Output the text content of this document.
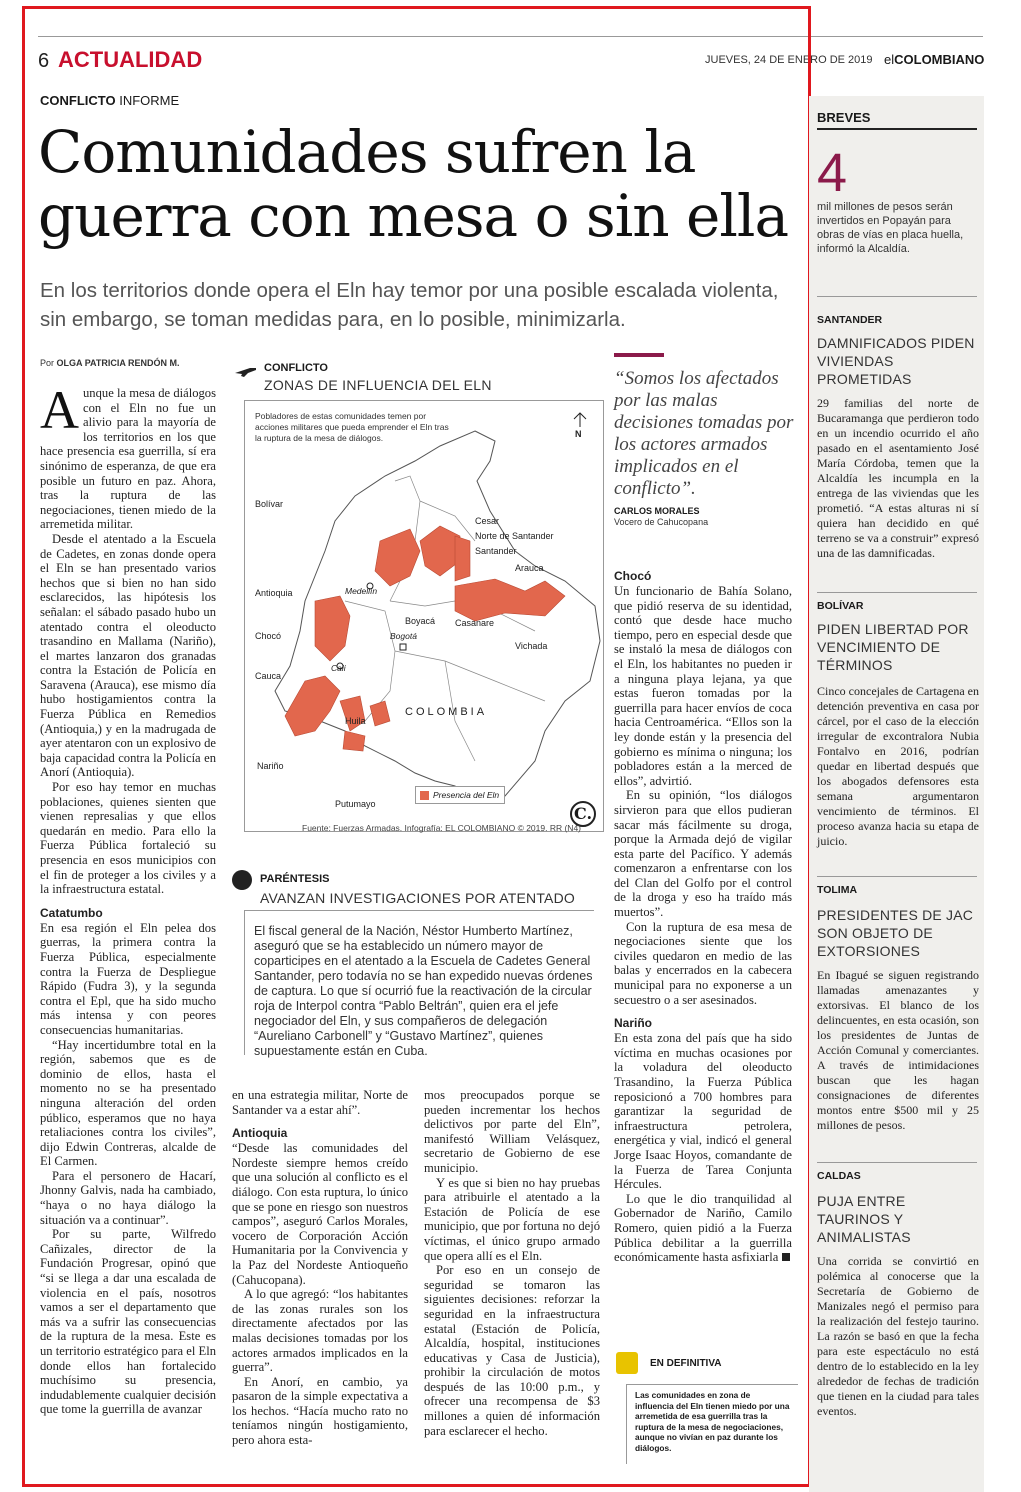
6 ACTUALIDAD	JUEVES, 24 DE ENERO DE 2019 elCOLOMBIANO
CONFLICTO INFORME
Comunidades sufren la guerra con mesa o sin ella
En los territorios donde opera el Eln hay temor por una posible escalada violenta, sin embargo, se toman medidas para, en lo posible, minimizarla.
Por OLGA PATRICIA RENDÓN M.
A unque la mesa de diálogos con el Eln no fue un alivio para la mayoría de los territorios en los que hace presencia esa guerrilla, sí era sinónimo de esperanza, de que era posible un futuro en paz. Ahora, tras la ruptura de las negociaciones, tienen miedo de la arremetida militar.

Desde el atentado a la Escuela de Cadetes, en zonas donde opera el Eln se han presentado varios hechos que si bien no han sido esclarecidos, las hipótesis los señalan: el sábado pasado hubo un atentado contra el oleoducto trasandino en Mallama (Nariño), el martes lanzaron dos granadas contra la Estación de Policía en Saravena (Arauca), ese mismo día hubo hostigamientos contra la Fuerza Pública en Remedios (Antioquia,) y en la madrugada de ayer atentaron con un explosivo de baja capacidad contra la Policía en Anorí (Antioquia).

Por eso hay temor en muchas poblaciones, quienes sienten que vienen represalias y que ellos quedarán en medio. Para ello la Fuerza Pública fortaleció su presencia en esos municipios con el fin de proteger a los civiles y a la infraestructura estatal.

Catatumbo

En esa región el Eln pelea dos guerras, la primera contra la Fuerza Pública, especialmente contra la Fuerza de Despliegue Rápido (Fudra 3), y la segunda contra el Epl, que ha sido mucho más intensa y con peores consecuencias humanitarias.

“Hay incertidumbre total en la región, sabemos que es de dominio de ellos, hasta el momento no se ha presentado ninguna alteración del orden público, esperamos que no haya retaliaciones contra los civiles”, dijo Edwin Contreras, alcalde de El Carmen.

Para el personero de Hacarí, Jhonny Galvis, nada ha cambiado, “haya o no haya diálogo la situación va a continuar”.

Por su parte, Wilfredo Cañizales, director de la Fundación Progresar, opinó que “si se llega a dar una escalada de violencia en el país, nosotros vamos a ser el departamento que más va a sufrir las consecuencias de la ruptura de la mesa. Este es un territorio estratégico para el Eln donde ellos han fortalecido muchísimo su presencia, indudablemente cualquier decisión que tome la guerrilla de avanzar

CONFLICTO
ZONAS DE INFLUENCIA DEL ELN
Pobladores de estas comunidades temen por acciones militares que pueda emprender el Eln tras la ruptura de la mesa de diálogos.	N
Bolívar
Cesar
Norte de Santander
Santander
Arauca
Antioquia	Medellín
Boyacá Casanare
Chocó	Bogotá
Vichada
Cauca
Cali
COLOMBIA
Huila
Nariño
Putumayo
Presencia del Eln
C.
Fuente: Fuerzas Armadas. Infografía: EL COLOMBIANO © 2019. RR (N4)
“Somos los afectados por las malas decisiones tomadas por los actores armados implicados en el conflicto”.
CARLOS MORALES
Vocero de Cahucopana
PARÉNTESIS
AVANZAN INVESTIGACIONES POR ATENTADO
El fiscal general de la Nación, Néstor Humberto Martínez, aseguró que se ha establecido un número mayor de coparticipes en el atentado a la Escuela de Cadetes General Santander, pero todavía no se han expedido nuevas órdenes de captura. Lo que sí ocurrió fue la reactivación de la circular roja de Interpol contra “Pablo Beltrán”, quien era el jefe negociador del Eln, y sus compañeros de delegación “Aureliano Carbonell” y “Gustavo Martínez”, quienes supuestamente están en Cuba.

en una estrategia militar, Norte de Santander va a estar ahí”.

Antioquia

“Desde las comunidades del Nordeste siempre hemos creído que una solución al conflicto es el diálogo. Con esta ruptura, lo único que se pone en riesgo son nuestros campos”, aseguró Carlos Morales, vocero de Corporación Acción Humanitaria por la Convivencia y la Paz del Nordeste Antioqueño (Cahucopana).

A lo que agregó: “los habitantes de las zonas rurales son los directamente afectados por las malas decisiones tomadas por los actores armados implicados en la guerra”.

En Anorí, en cambio, ya pasaron de la simple expectativa a los hechos. “Hacía mucho rato no teníamos ningún hostigamiento, pero ahora esta-

mos preocupados porque se pueden incrementar los hechos delictivos por parte del Eln”, manifestó William Velásquez, secretario de Gobierno de ese municipio.

Y es que si bien no hay pruebas para atribuirle el atentado a la Estación de Policía de ese municipio, que por fortuna no dejó víctimas, el único grupo armado que opera allí es el Eln.

Por eso en un consejo de seguridad se tomaron las siguientes decisiones: reforzar la seguridad en la infraestructura estatal (Estación de Policía, Alcaldía, hospital, instituciones educativas y Casa de Justicia), prohibir la circulación de motos después de las 10:00 p.m., y ofrecer una recompensa de $3 millones a quien dé información para esclarecer el hecho.

Chocó

Un funcionario de Bahía Solano, que pidió reserva de su identidad, contó que desde hace mucho tiempo, pero en especial desde que se instaló la mesa de diálogos con el Eln, los habitantes no pueden ir a ninguna playa lejana, ya que estas fueron tomadas por la guerrilla para hacer envíos de coca hacia Centroamérica. “Ellos son la ley donde están y la presencia del gobierno es mínima o ninguna; los pobladores están a la merced de ellos”, advirtió.

En su opinión, “los diálogos sirvieron para que ellos pudieran sacar más fácilmente su droga, porque la Armada dejó de vigilar esta parte del Pacífico. Y además comenzaron a enfrentarse con los del Clan del Golfo por el control de la droga y eso ha traído más muertos”.

Con la ruptura de esa mesa de negociaciones siente que los civiles quedaron en medio de las balas y encerrados en la cabecera municipal para no exponerse a un secuestro o a ser asesinados.

Nariño

En esta zona del país que ha sido víctima en muchas ocasiones por la voladura del oleoducto Trasandino, la Fuerza Pública reposicionó a 700 hombres para garantizar la seguridad de infraestructura petrolera, energética y vial, indicó el general Jorge Isaac Hoyos, comandante de la Fuerza de Tarea Conjunta Hércules.

Lo que le dio tranquilidad al Gobernador de Nariño, Camilo Romero, quien pidió a la Fuerza Pública debilitar a la guerrilla económicamente hasta asfixiarla

EN DEFINITIVA
Las comunidades en zona de influencia del Eln tienen miedo por una arremetida de esa guerrilla tras la ruptura de la mesa de negociaciones, aunque no vivían en paz durante los diálogos.
BREVES
4
mil millones de pesos serán invertidos en Popayán para obras de vías en placa huella, informó la Alcaldía.
SANTANDER
DAMNIFICADOS PIDEN VIVIENDAS PROMETIDAS
29 familias del norte de Bucaramanga que perdieron todo en un incendio ocurrido el año pasado en el asentamiento José María Córdoba, temen que la Alcaldía les incumpla en la entrega de las viviendas que les prometió. “A estas alturas ni sí quiera han decidido en qué terreno se va a construir” expresó una de las damnificadas.
BOLÍVAR
PIDEN LIBERTAD POR VENCIMIENTO DE TÉRMINOS
Cinco concejales de Cartagena en detención preventiva en casa por cárcel, por el caso de la elección irregular de excontralora Nubia Fontalvo en 2016, podrían quedar en libertad después que los abogados defensores esta semana argumentaron vencimiento de términos. El proceso avanza hacia su etapa de juicio.
TOLIMA
PRESIDENTES DE JAC SON OBJETO DE EXTORSIONES
En Ibagué se siguen registrando llamadas amenazantes y extorsivas. El blanco de los delincuentes, en esta ocasión, son los presidentes de Juntas de Acción Comunal y comerciantes. A través de intimidaciones buscan que les hagan consignaciones de diferentes montos entre $500 mil y 25 millones de pesos.
CALDAS
PUJA ENTRE TAURINOS Y ANIMALISTAS
Una corrida se convirtió en polémica al conocerse que la Secretaría de Gobierno de Manizales negó el permiso para la realización del festejo taurino. La razón se basó en que la fecha para este espectáculo no está dentro de lo establecido en la ley alrededor de fechas de tradición que tienen en la ciudad para tales eventos.
